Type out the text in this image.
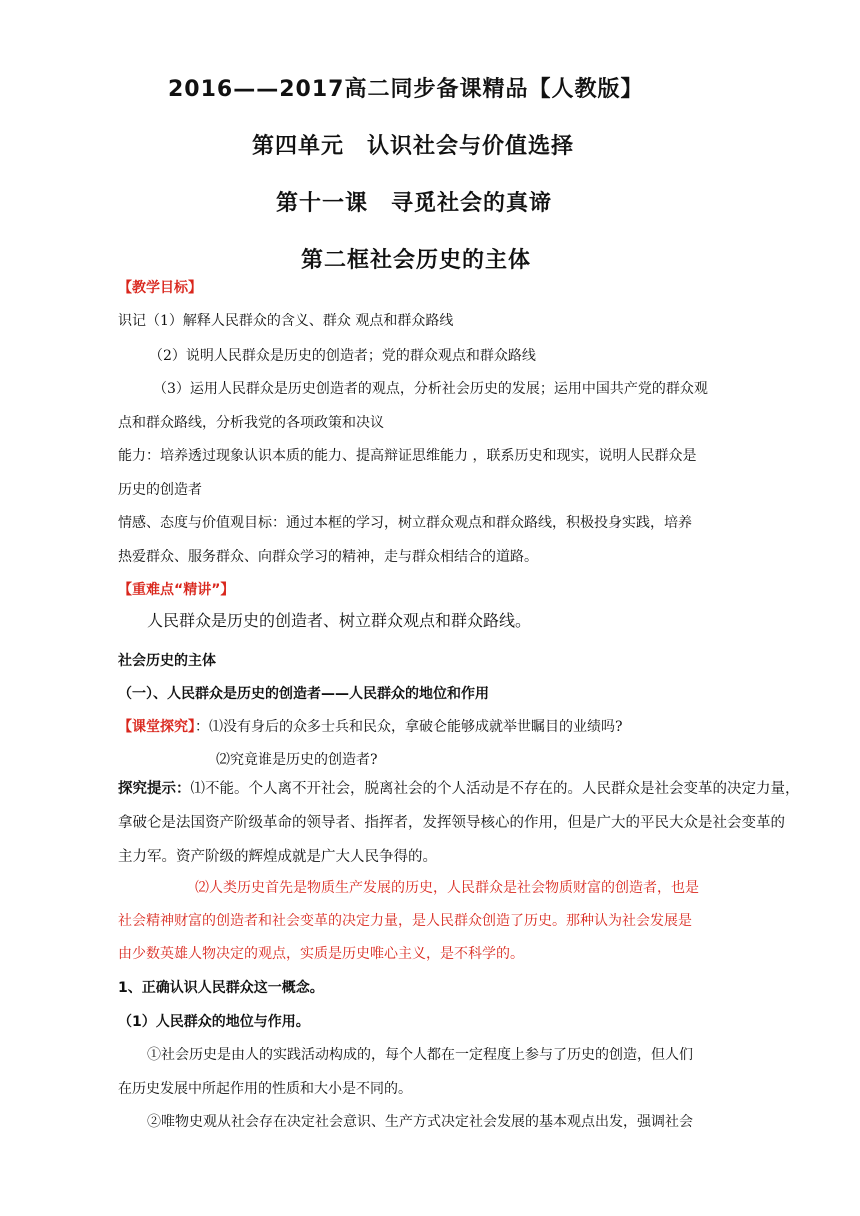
2016——2017高二同步备课精品【人教版】
第四单元　认识社会与价值选择
第十一课　寻觅社会的真谛
第二框社会历史的主体
【教学目标】
识记（1）解释人民群众的含义、群众 观点和群众路线
（2）说明人民群众是历史的创造者；党的群众观点和群众路线
（3）运用人民群众是历史创造者的观点，分析社会历史的发展；运用中国共产党的群众观
点和群众路线，分析我党的各项政策和决议
能力：培养透过现象认识本质的能力、提高辩证思维能力 ，联系历史和现实，说明人民群众是
历史的创造者
情感、态度与价值观目标：通过本框的学习，树立群众观点和群众路线，积极投身实践，培养
热爱群众、服务群众、向群众学习的精神，走与群众相结合的道路。
【重难点“精讲”】
人民群众是历史的创造者、树立群众观点和群众路线。
社会历史的主体
（一）、人民群众是历史的创造者——人民群众的地位和作用
【课堂探究】：⑴没有身后的众多士兵和民众，拿破仑能够成就举世瞩目的业绩吗?
⑵究竟谁是历史的创造者?
探究提示：⑴不能。个人离不开社会，脱离社会的个人活动是不存在的。人民群众是社会变革的决定力量，
拿破仑是法国资产阶级革命的领导者、指挥者，发挥领导核心的作用，但是广大的平民大众是社会变革的
主力军。资产阶级的辉煌成就是广大人民争得的。
⑵人类历史首先是物质生产发展的历史，人民群众是社会物质财富的创造者，也是
社会精神财富的创造者和社会变革的决定力量，是人民群众创造了历史。那种认为社会发展是
由少数英雄人物决定的观点，实质是历史唯心主义，是不科学的。
1、正确认识人民群众这一概念。
（1）人民群众的地位与作用。
①社会历史是由人的实践活动构成的，每个人都在一定程度上参与了历史的创造，但人们
在历史发展中所起作用的性质和大小是不同的。
②唯物史观从社会存在决定社会意识、生产方式决定社会发展的基本观点出发，强调社会
